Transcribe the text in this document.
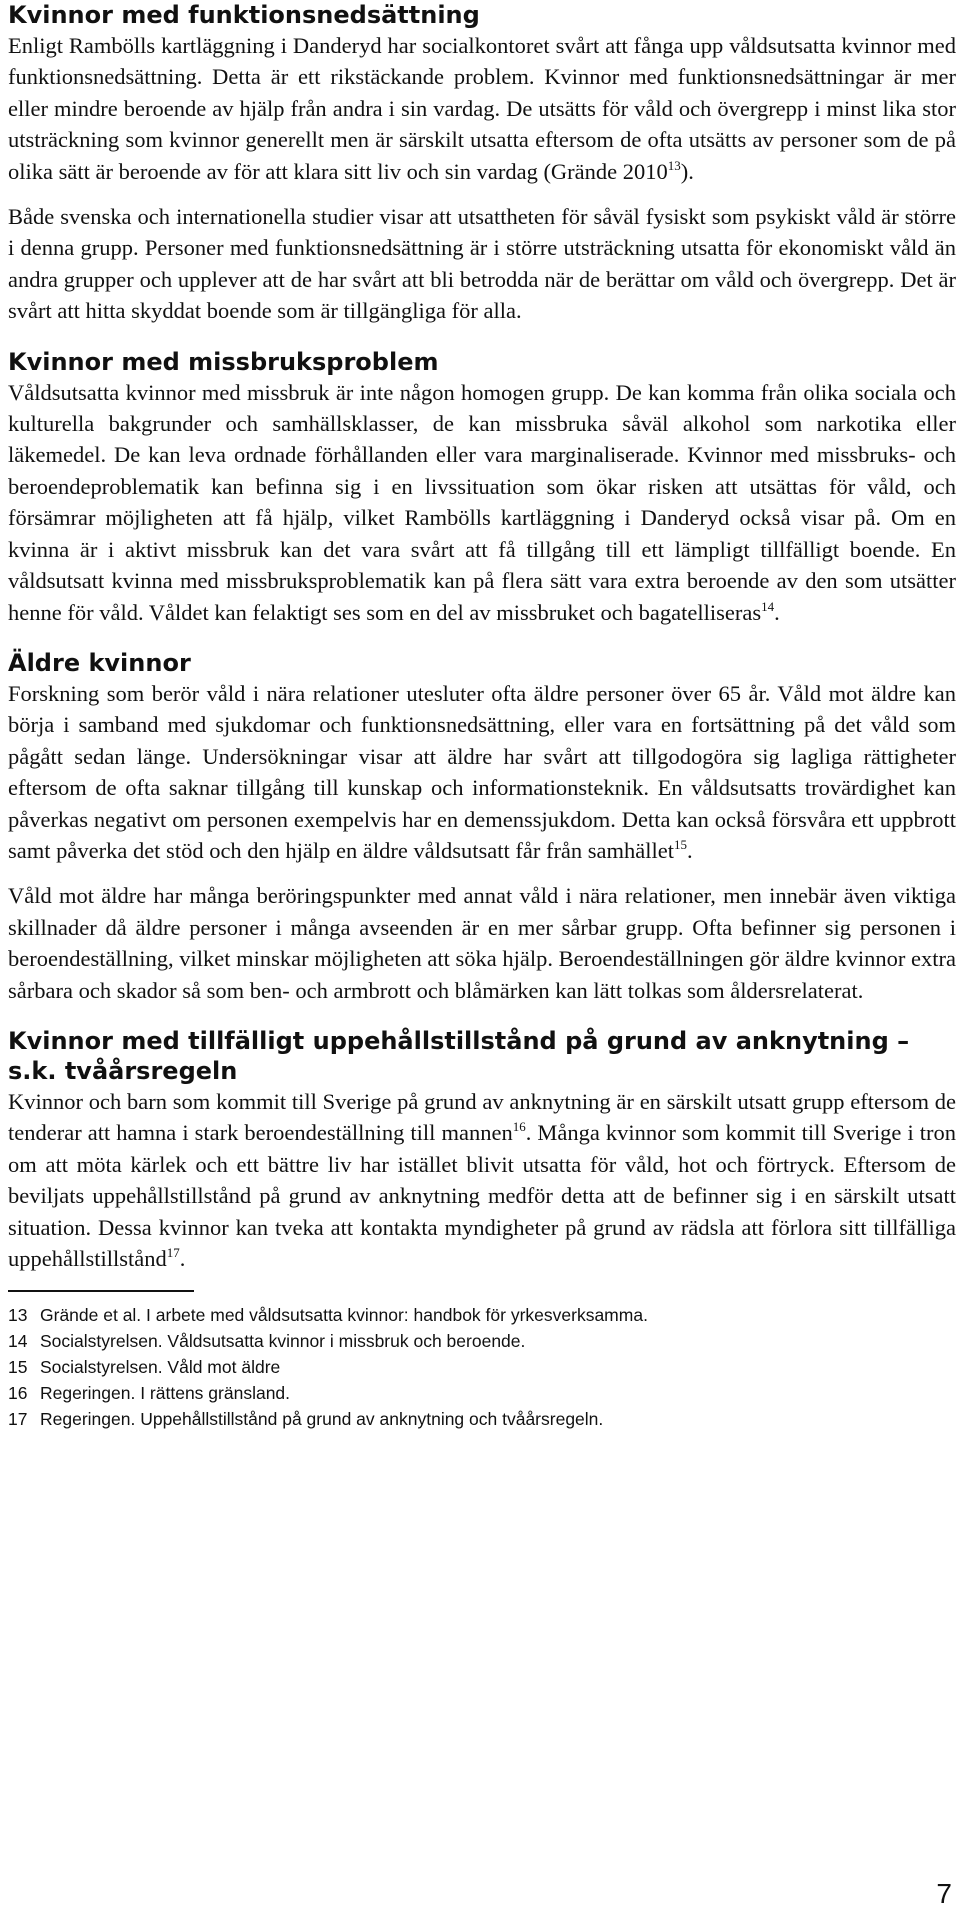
Kvinnor med funktionsnedsättning

Enligt Rambölls kartläggning i Danderyd har socialkontoret svårt att fånga upp våldsutsatta kvinnor med funktionsnedsättning. Detta är ett rikstäckande problem. Kvinnor med funktionsnedsättningar är mer eller mindre beroende av hjälp från andra i sin vardag. De utsätts för våld och övergrepp i minst lika stor utsträckning som kvinnor generellt men är särskilt utsatta eftersom de ofta utsätts av personer som de på olika sätt är beroende av för att klara sitt liv och sin vardag (Grände 2010$^{13}$).

Både svenska och internationella studier visar att utsattheten för såväl fysiskt som psykiskt våld är större i denna grupp. Personer med funktionsnedsättning är i större utsträckning utsatta för ekonomiskt våld än andra grupper och upplever att de har svårt att bli betrodda när de berättar om våld och övergrepp. Det är svårt att hitta skyddat boende som är tillgängliga för alla.

Kvinnor med missbruksproblem

Våldsutsatta kvinnor med missbruk är inte någon homogen grupp. De kan komma från olika sociala och kulturella bakgrunder och samhällsklasser, de kan missbruka såväl alkohol som narkotika eller läkemedel. De kan leva ordnade förhållanden eller vara marginaliserade. Kvinnor med missbruks- och beroendeproblematik kan befinna sig i en livssituation som ökar risken att utsättas för våld, och försämrar möjligheten att få hjälp, vilket Rambölls kartläggning i Danderyd också visar på. Om en kvinna är i aktivt missbruk kan det vara svårt att få tillgång till ett lämpligt tillfälligt boende. En våldsutsatt kvinna med missbruksproblematik kan på flera sätt vara extra beroende av den som utsätter henne för våld. Våldet kan felaktigt ses som en del av missbruket och bagatelliseras$^{14}$.

Äldre kvinnor

Forskning som berör våld i nära relationer utesluter ofta äldre personer över 65 år. Våld mot äldre kan börja i samband med sjukdomar och funktionsnedsättning, eller vara en fortsättning på det våld som pågått sedan länge. Undersökningar visar att äldre har svårt att tillgodogöra sig lagliga rättigheter eftersom de ofta saknar tillgång till kunskap och informationsteknik. En våldsutsatts trovärdighet kan påverkas negativt om personen exempelvis har en demenssjukdom. Detta kan också försvåra ett uppbrott samt påverka det stöd och den hjälp en äldre våldsutsatt får från samhället$^{15}$.

Våld mot äldre har många beröringspunkter med annat våld i nära relationer, men innebär även viktiga skillnader då äldre personer i många avseenden är en mer sårbar grupp. Ofta befinner sig personen i beroendeställning, vilket minskar möjligheten att söka hjälp. Beroendeställningen gör äldre kvinnor extra sårbara och skador så som ben- och armbrott och blåmärken kan lätt tolkas som åldersrelaterat.

Kvinnor med tillfälligt uppehållstillstånd på grund av anknytning – s.k. tvåårsregeln

Kvinnor och barn som kommit till Sverige på grund av anknytning är en särskilt utsatt grupp eftersom de tenderar att hamna i stark beroendeställning till mannen$^{16}$. Många kvinnor som kommit till Sverige i tron om att möta kärlek och ett bättre liv har istället blivit utsatta för våld, hot och förtryck. Eftersom de beviljats uppehållstillstånd på grund av anknytning medför detta att de befinner sig i en särskilt utsatt situation. Dessa kvinnor kan tveka att kontakta myndigheter på grund av rädsla att förlora sitt tillfälliga uppehållstillstånd$^{17}$.

13 Grände et al. I arbete med våldsutsatta kvinnor: handbok för yrkesverksamma.

14 Socialstyrelsen. Våldsutsatta kvinnor i missbruk och beroende.

15 Socialstyrelsen. Våld mot äldre

16 Regeringen. I rättens gränsland.

17 Regeringen. Uppehållstillstånd på grund av anknytning och tvåårsregeln.

7
